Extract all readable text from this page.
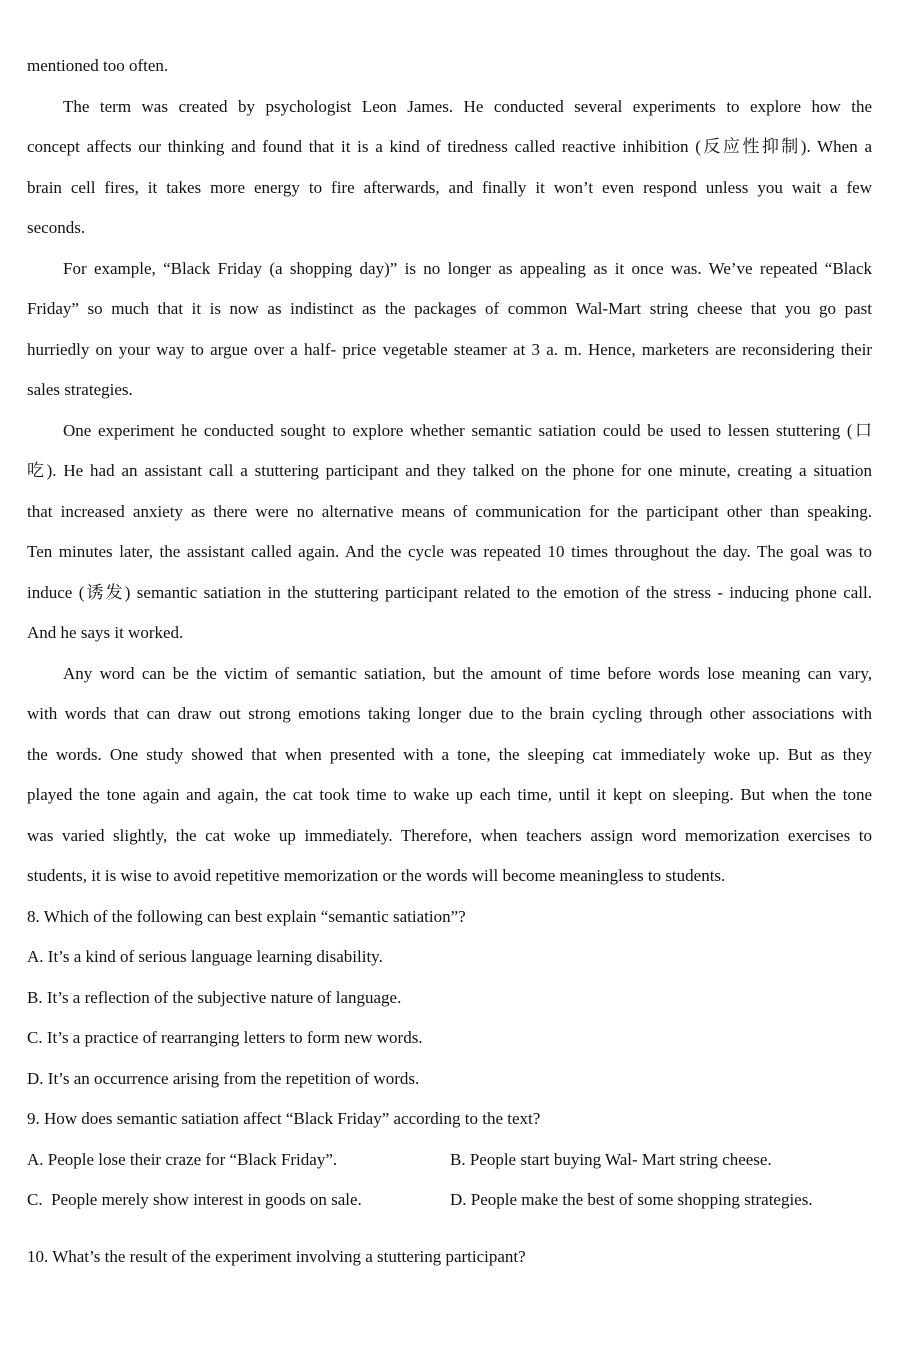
mentioned too often.
The term was created by psychologist Leon James. He conducted several experiments to explore how the
concept affects our thinking and found that it is a kind of tiredness called reactive inhibition (反应性抑制). When a
brain cell fires, it takes more energy to fire afterwards, and finally it won’t even respond unless you wait a few
seconds.
For example, “Black Friday (a shopping day)” is no longer as appealing as it once was. We’ve repeated “Black
Friday” so much that it is now as indistinct as the packages of common Wal-Mart string cheese that you go past
hurriedly on your way to argue over a half- price vegetable steamer at 3 a. m. Hence, marketers are reconsidering their
sales strategies.
One experiment he conducted sought to explore whether semantic satiation could be used to lessen stuttering (口
吃). He had an assistant call a stuttering participant and they talked on the phone for one minute, creating a situation
that increased anxiety as there were no alternative means of communication for the participant other than speaking.
Ten minutes later, the assistant called again. And the cycle was repeated 10 times throughout the day. The goal was to
induce (诱发) semantic satiation in the stuttering participant related to the emotion of the stress - inducing phone call.
And he says it worked.
Any word can be the victim of semantic satiation, but the amount of time before words lose meaning can vary,
with words that can draw out strong emotions taking longer due to the brain cycling through other associations with
the words. One study showed that when presented with a tone, the sleeping cat immediately woke up. But as they
played the tone again and again, the cat took time to wake up each time, until it kept on sleeping. But when the tone
was varied slightly, the cat woke up immediately. Therefore, when teachers assign word memorization exercises to
students, it is wise to avoid repetitive memorization or the words will become meaningless to students.
8. Which of the following can best explain “semantic satiation”?
A. It’s a kind of serious language learning disability.
B. It’s a reflection of the subjective nature of language.
C. It’s a practice of rearranging letters to form new words.
D. It’s an occurrence arising from the repetition of words.
9. How does semantic satiation affect “Black Friday” according to the text?
A. People lose their craze for “Black Friday”.	B. People start buying Wal- Mart string cheese.
C.  People merely show interest in goods on sale.	D. People make the best of some shopping strategies.
10. What’s the result of the experiment involving a stuttering participant?
